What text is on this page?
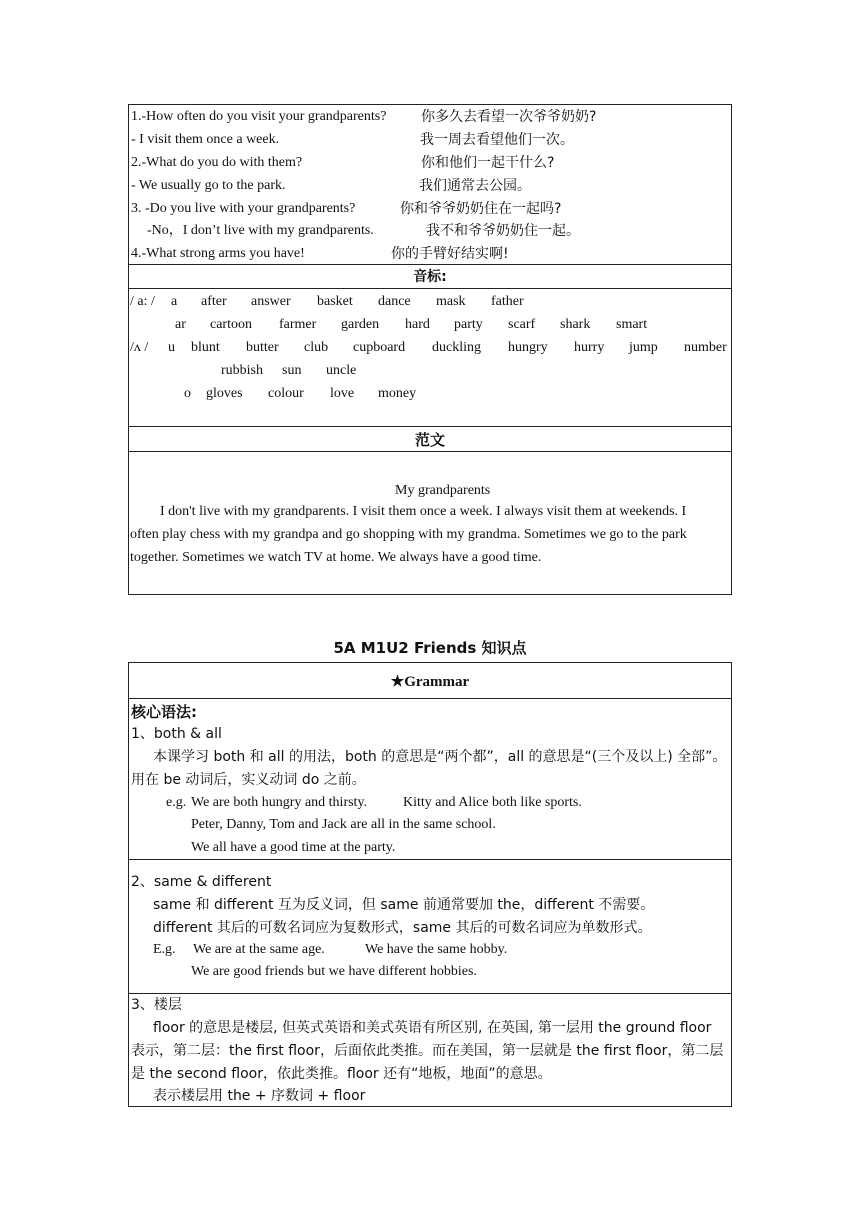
1.-How often do you visit your grandparents? 你多久去看望一次爷爷奶奶?
- I visit them once a week.	我一周去看望他们一次。
2.-What do you do with them?	你和他们一起干什么?
- We usually go to the park.	我们通常去公园。
3. -Do you live with your grandparents?	你和爷爷奶奶住在一起吗?
-No，I don’t live with my grandparents.	我不和爷爷奶奶住一起。
4.-What strong arms you have!	你的手臂好结实啊!
音标:
/ a: / a after answer basket dance mask father
ar cartoon farmer garden hard party scarf shark smart
/ʌ / u blunt butter club cupboard duckling hungry hurry jump number
rubbish sun uncle
o gloves colour love money
范文
My grandparents
I don't live with my grandparents. I visit them once a week. I always visit them at weekends. I
often play chess with my grandpa and go shopping with my grandma. Sometimes we go to the park
together. Sometimes we watch TV at home. We always have a good time.
5A M1U2 Friends 知识点
★Grammar
核心语法:
1、both & all
本课学习 both 和 all 的用法，both 的意思是“两个都”，all 的意思是“(三个及以上) 全部”。
用在 be 动词后，实义动词 do 之前。
e.g. We are both hungry and thirsty.	Kitty and Alice both like sports.
Peter, Danny, Tom and Jack are all in the same school.
We all have a good time at the party.
2、same & different
same 和 different 互为反义词，但 same 前通常要加 the，different 不需要。
different 其后的可数名词应为复数形式，same 其后的可数名词应为单数形式。
E.g. We are at the same age.	We have the same hobby.
We are good friends but we have different hobbies.
3、楼层
floor 的意思是楼层, 但英式英语和美式英语有所区别, 在英国, 第一层用 the ground floor
表示，第二层：the first floor，后面依此类推。而在美国，第一层就是 the first floor，第二层
是 the second floor，依此类推。floor 还有“地板，地面”的意思。
表示楼层用 the + 序数词 + floor
